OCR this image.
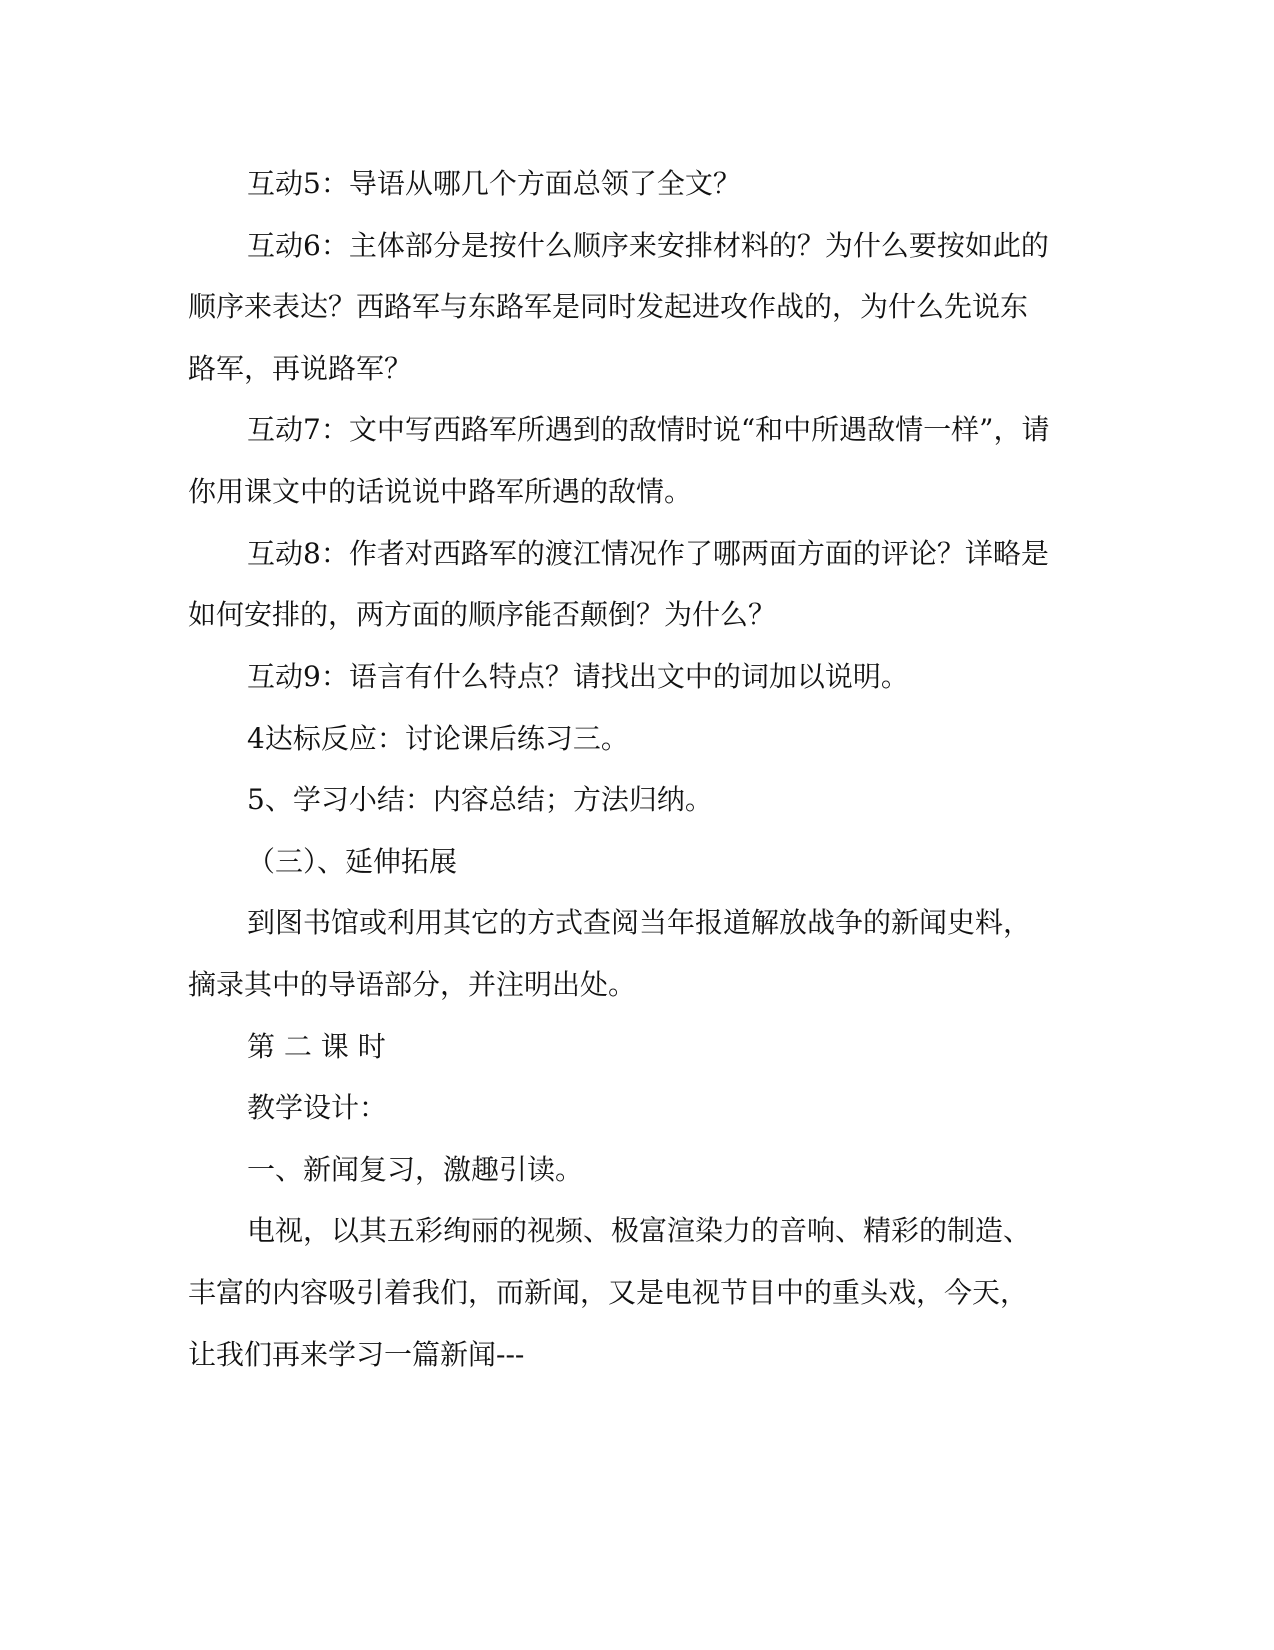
互动5：导语从哪几个方面总领了全文？
互动6：主体部分是按什么顺序来安排材料的？为什么要按如此的
顺序来表达？西路军与东路军是同时发起进攻作战的，为什么先说东
路军，再说路军？
互动7：文中写西路军所遇到的敌情时说“和中所遇敌情一样”，请
你用课文中的话说说中路军所遇的敌情。
互动8：作者对西路军的渡江情况作了哪两面方面的评论？详略是
如何安排的，两方面的顺序能否颠倒？为什么？
互动9：语言有什么特点？请找出文中的词加以说明。
4达标反应：讨论课后练习三。
5、学习小结：内容总结；方法归纳。
（三）、延伸拓展
到图书馆或利用其它的方式查阅当年报道解放战争的新闻史料，
摘录其中的导语部分，并注明出处。
第 二 课 时
教学设计：
一、新闻复习，激趣引读。
电视，以其五彩绚丽的视频、极富渲染力的音响、精彩的制造、
丰富的内容吸引着我们，而新闻，又是电视节目中的重头戏，今天，
让我们再来学习一篇新闻---
